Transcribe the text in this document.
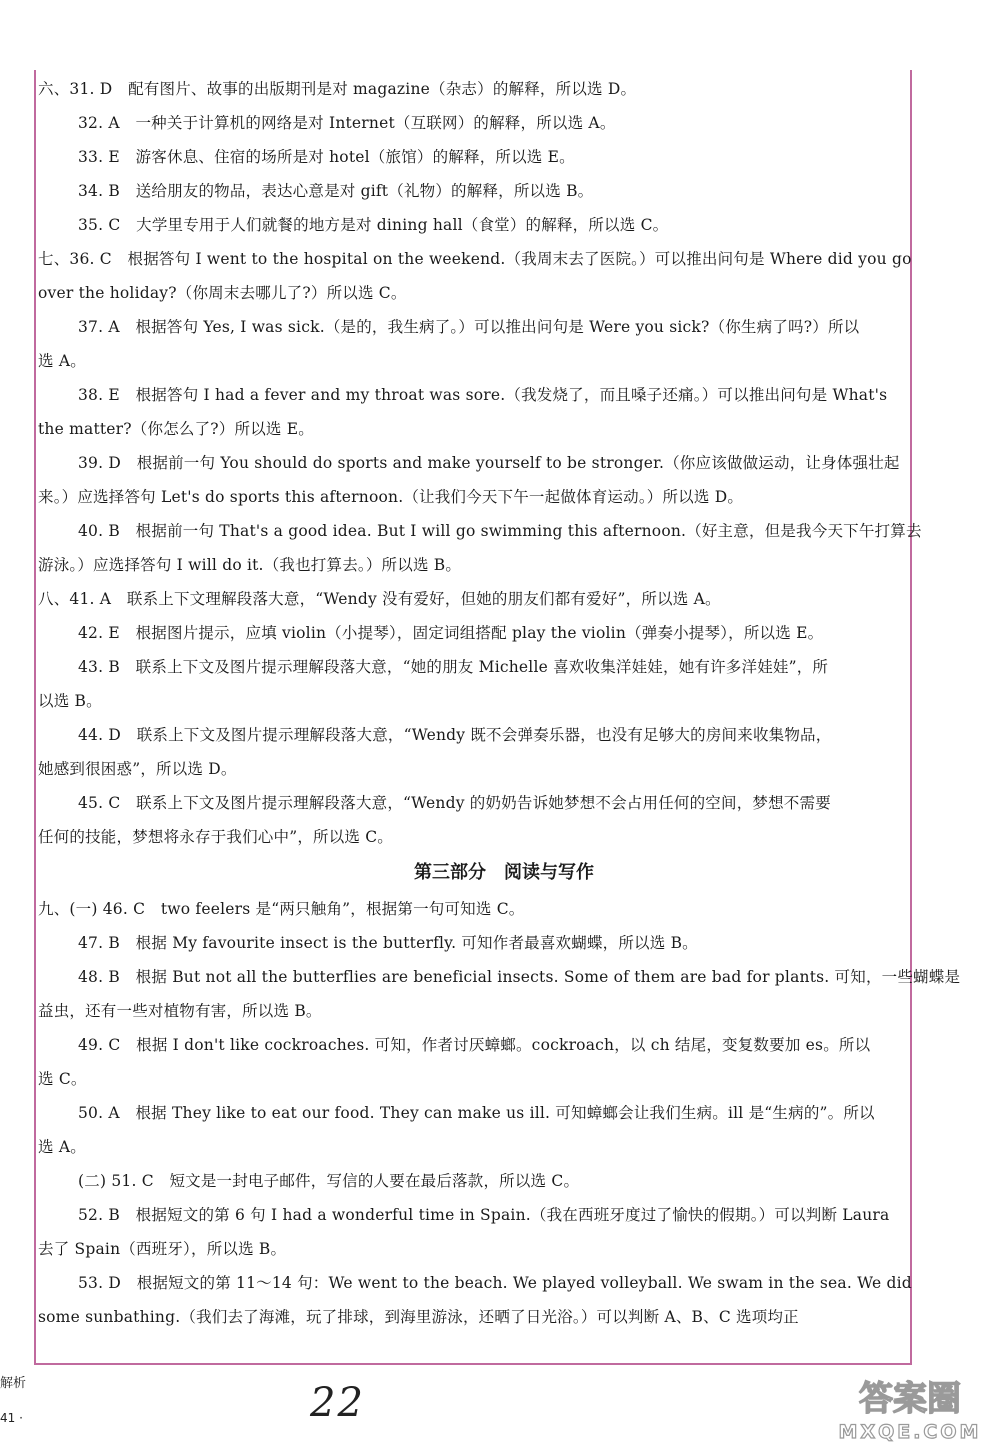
六、31. D　配有图片、故事的出版期刊是对 magazine（杂志）的解释，所以选 D。
32. A　一种关于计算机的网络是对 Internet（互联网）的解释，所以选 A。
33. E　游客休息、住宿的场所是对 hotel（旅馆）的解释，所以选 E。
34. B　送给朋友的物品，表达心意是对 gift（礼物）的解释，所以选 B。
35. C　大学里专用于人们就餐的地方是对 dining hall（食堂）的解释，所以选 C。
七、36. C　根据答句 I went to the hospital on the weekend.（我周末去了医院。）可以推出问句是 Where did you go
over the holiday?（你周末去哪儿了?）所以选 C。
37. A　根据答句 Yes, I was sick.（是的，我生病了。）可以推出问句是 Were you sick?（你生病了吗?）所以
选 A。
38. E　根据答句 I had a fever and my throat was sore.（我发烧了，而且嗓子还痛。）可以推出问句是 What's
the matter?（你怎么了?）所以选 E。
39. D　根据前一句 You should do sports and make yourself to be stronger.（你应该做做运动，让身体强壮起
来。）应选择答句 Let's do sports this afternoon.（让我们今天下午一起做体育运动。）所以选 D。
40. B　根据前一句 That's a good idea. But I will go swimming this afternoon.（好主意，但是我今天下午打算去
游泳。）应选择答句 I will do it.（我也打算去。）所以选 B。
八、41. A　联系上下文理解段落大意，“Wendy 没有爱好，但她的朋友们都有爱好”，所以选 A。
42. E　根据图片提示，应填 violin（小提琴），固定词组搭配 play the violin（弹奏小提琴），所以选 E。
43. B　联系上下文及图片提示理解段落大意，“她的朋友 Michelle 喜欢收集洋娃娃，她有许多洋娃娃”，所
以选 B。
44. D　联系上下文及图片提示理解段落大意，“Wendy 既不会弹奏乐器，也没有足够大的房间来收集物品，
她感到很困惑”，所以选 D。
45. C　联系上下文及图片提示理解段落大意，“Wendy 的奶奶告诉她梦想不会占用任何的空间，梦想不需要
任何的技能，梦想将永存于我们心中”，所以选 C。
第三部分　阅读与写作
九、(一) 46. C　two feelers 是“两只触角”，根据第一句可知选 C。
47. B　根据 My favourite insect is the butterfly. 可知作者最喜欢蝴蝶，所以选 B。
48. B　根据 But not all the butterflies are beneficial insects. Some of them are bad for plants. 可知，一些蝴蝶是
益虫，还有一些对植物有害，所以选 B。
49. C　根据 I don't like cockroaches. 可知，作者讨厌蟑螂。cockroach，以 ch 结尾，变复数要加 es。所以
选 C。
50. A　根据 They like to eat our food. They can make us ill. 可知蟑螂会让我们生病。ill 是“生病的”。所以
选 A。
(二) 51. C　短文是一封电子邮件，写信的人要在最后落款，所以选 C。
52. B　根据短文的第 6 句 I had a wonderful time in Spain.（我在西班牙度过了愉快的假期。）可以判断 Laura
去了 Spain（西班牙），所以选 B。
53. D　根据短文的第 11～14 句：We went to the beach. We played volleyball. We swam in the sea. We did
some sunbathing.（我们去了海滩，玩了排球，到海里游泳，还晒了日光浴。）可以判断 A、B、C 选项均正
解析
41 ·	22	答案圈
MXQE.COM
